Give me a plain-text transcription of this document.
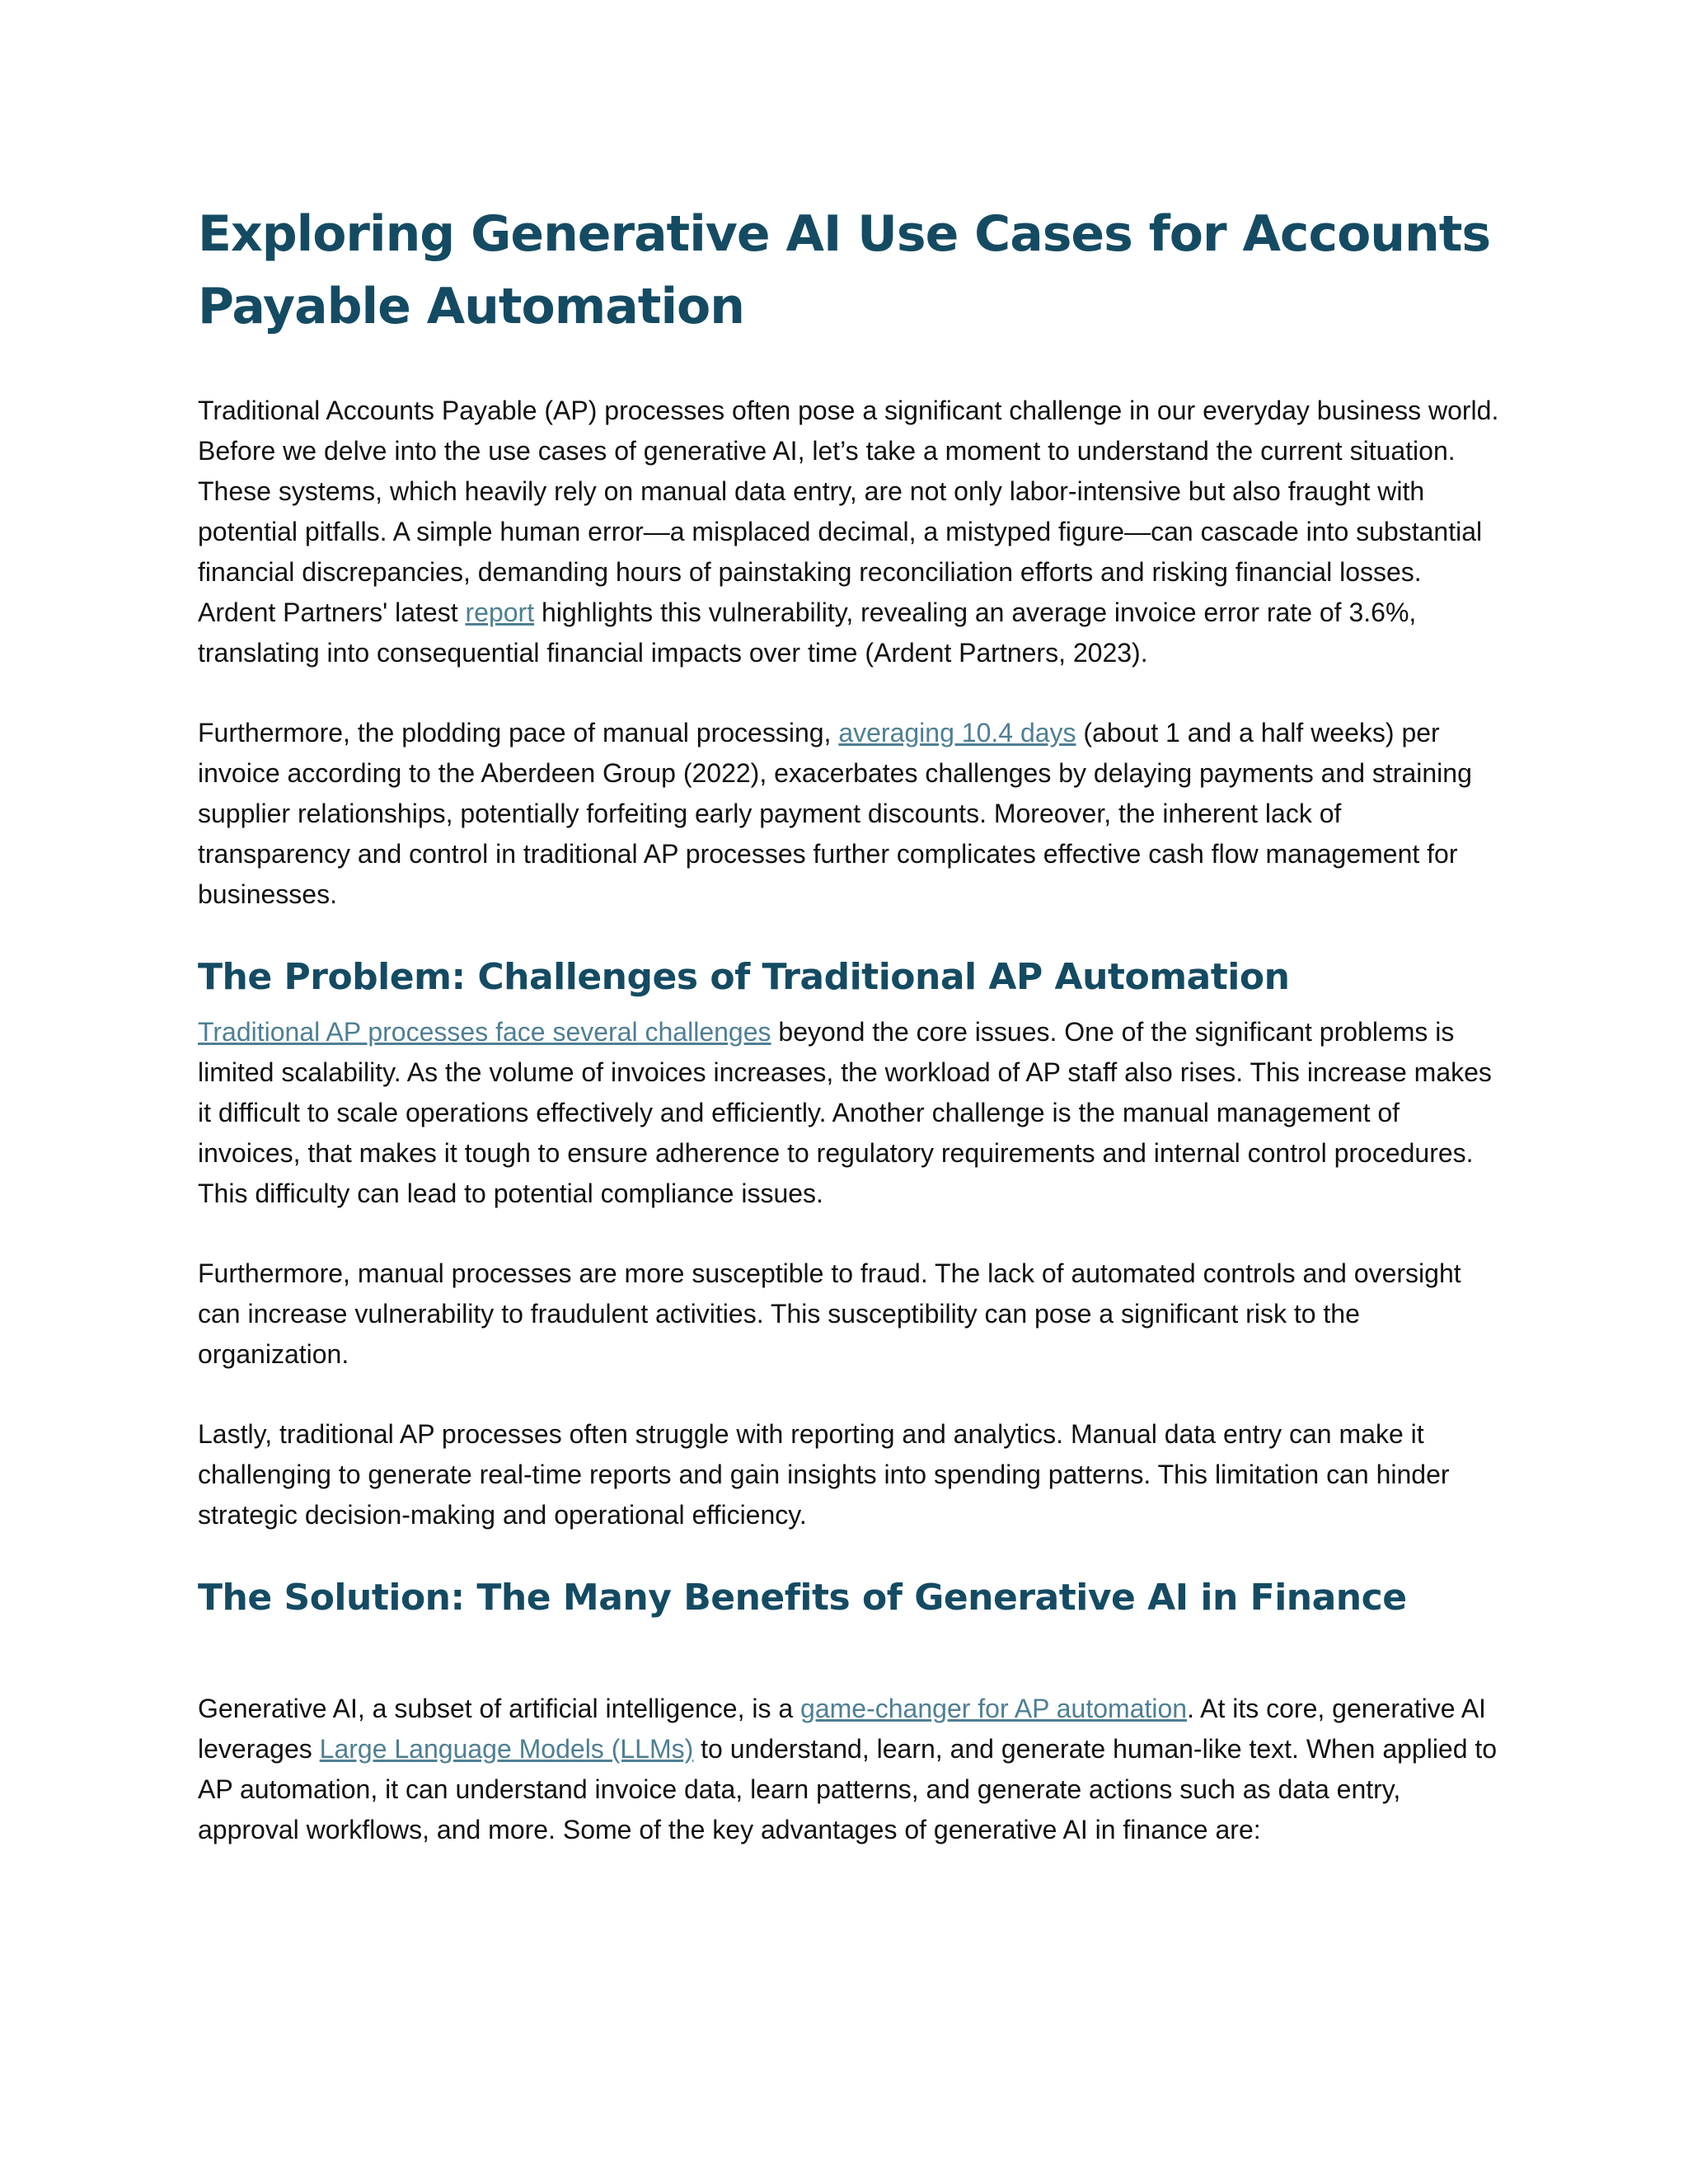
Exploring Generative AI Use Cases for Accounts Payable Automation

Traditional Accounts Payable (AP) processes often pose a significant challenge in our everyday business world. Before we delve into the use cases of generative AI, let’s take a moment to understand the current situation. These systems, which heavily rely on manual data entry, are not only labor-intensive but also fraught with potential pitfalls. A simple human error—a misplaced decimal, a mistyped figure—can cascade into substantial financial discrepancies, demanding hours of painstaking reconciliation efforts and risking financial losses. Ardent Partners' latest report highlights this vulnerability, revealing an average invoice error rate of 3.6%, translating into consequential financial impacts over time (Ardent Partners, 2023).

Furthermore, the plodding pace of manual processing, averaging 10.4 days (about 1 and a half weeks) per invoice according to the Aberdeen Group (2022), exacerbates challenges by delaying payments and straining supplier relationships, potentially forfeiting early payment discounts. Moreover, the inherent lack of transparency and control in traditional AP processes further complicates effective cash flow management for businesses.

The Problem: Challenges of Traditional AP Automation

Traditional AP processes face several challenges beyond the core issues. One of the significant problems is limited scalability. As the volume of invoices increases, the workload of AP staff also rises. This increase makes it difficult to scale operations effectively and efficiently. Another challenge is the manual management of invoices, that makes it tough to ensure adherence to regulatory requirements and internal control procedures. This difficulty can lead to potential compliance issues.

Furthermore, manual processes are more susceptible to fraud. The lack of automated controls and oversight can increase vulnerability to fraudulent activities. This susceptibility can pose a significant risk to the organization.

Lastly, traditional AP processes often struggle with reporting and analytics. Manual data entry can make it challenging to generate real-time reports and gain insights into spending patterns. This limitation can hinder strategic decision-making and operational efficiency.

The Solution: The Many Benefits of Generative AI in Finance

Generative AI, a subset of artificial intelligence, is a game-changer for AP automation. At its core, generative AI leverages Large Language Models (LLMs) to understand, learn, and generate human-like text. When applied to AP automation, it can understand invoice data, learn patterns, and generate actions such as data entry, approval workflows, and more. Some of the key advantages of generative AI in finance are:
